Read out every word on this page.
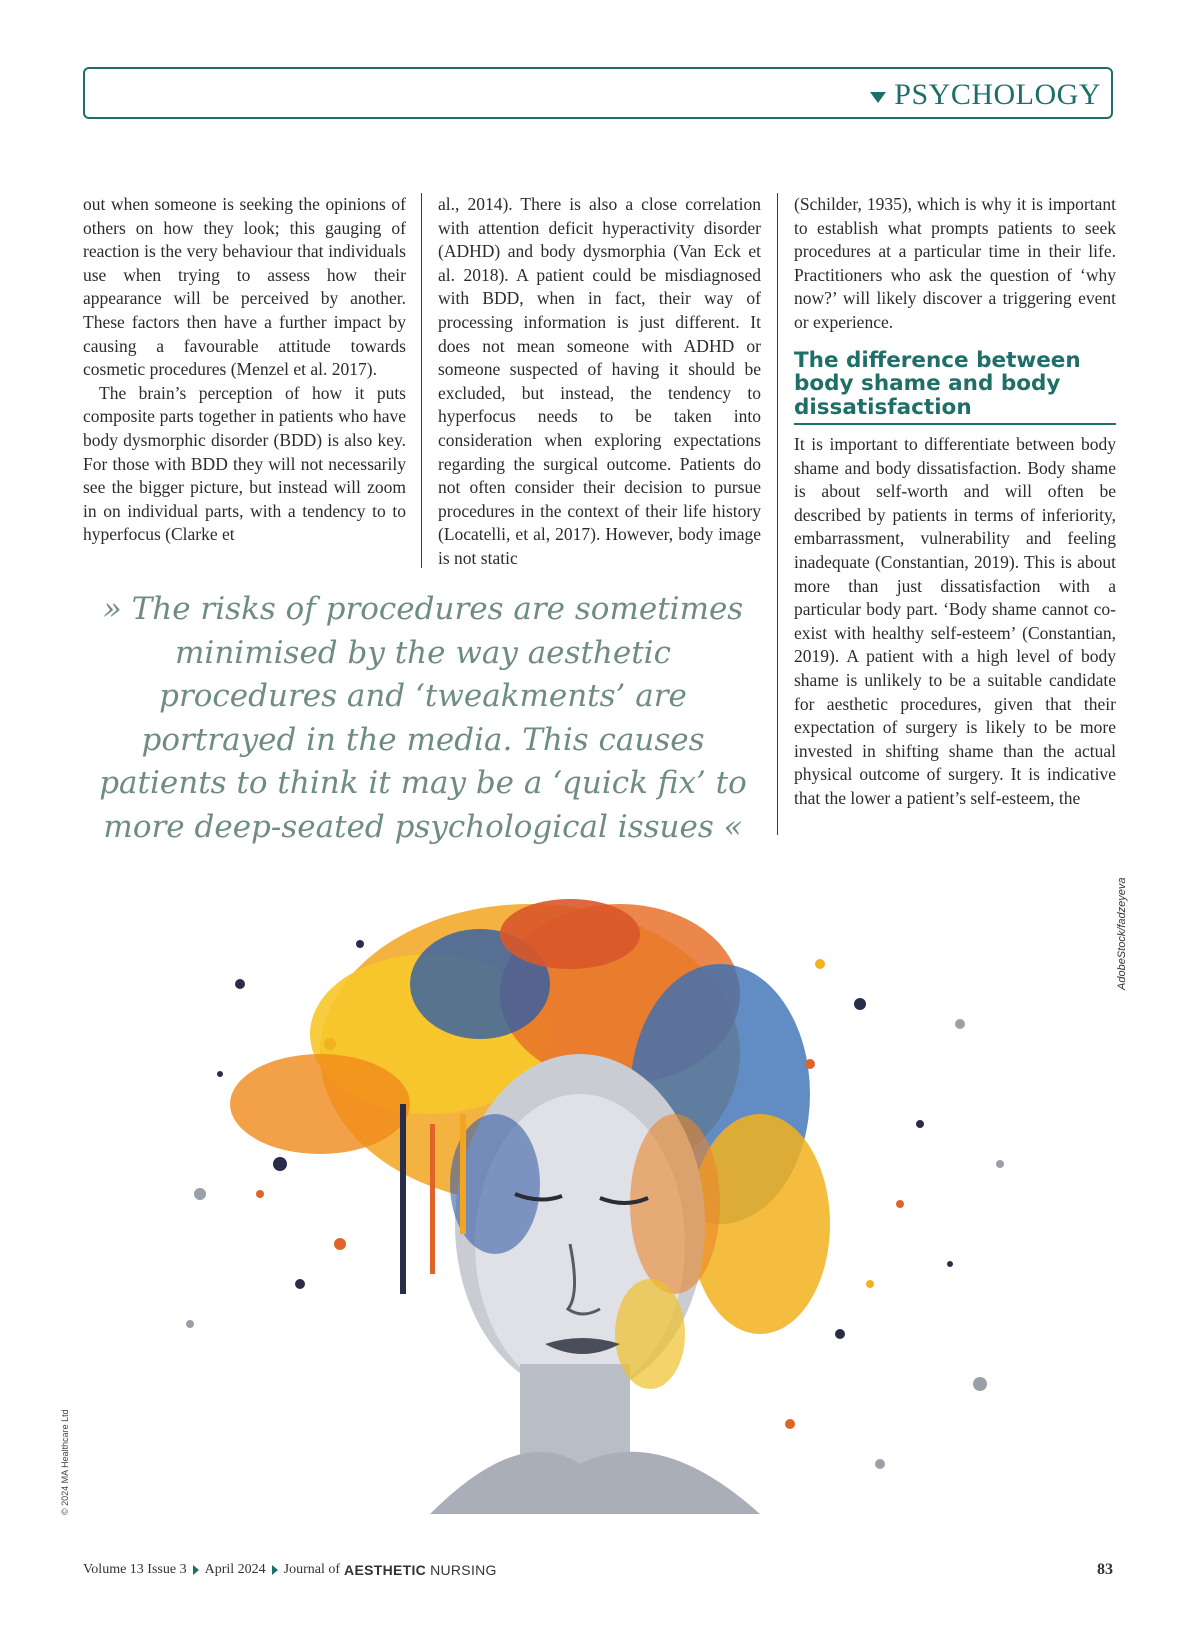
PSYCHOLOGY

out when someone is seeking the opinions of others on how they look; this gauging of reaction is the very behaviour that individuals use when trying to assess how their appearance will be perceived by another. These factors then have a further impact by causing a favourable attitude towards cosmetic procedures (Menzel et al. 2017).

The brain’s perception of how it puts composite parts together in patients who have body dysmorphic disorder (BDD) is also key. For those with BDD they will not necessarily see the bigger picture, but instead will zoom in on individual parts, with a tendency to to hyperfocus (Clarke et

al., 2014). There is also a close correlation with attention deficit hyperactivity disorder (ADHD) and body dysmorphia (Van Eck et al. 2018). A patient could be misdiagnosed with BDD, when in fact, their way of processing information is just different. It does not mean someone with ADHD or someone suspected of having it should be excluded, but instead, the tendency to hyperfocus needs to be taken into consideration when exploring expectations regarding the surgical outcome. Patients do not often consider their decision to pursue procedures in the context of their life history (Locatelli, et al, 2017). However, body image is not static

(Schilder, 1935), which is why it is important to establish what prompts patients to seek procedures at a particular time in their life. Practitioners who ask the question of ‘why now?’ will likely discover a triggering event or experience.

The difference between body shame and body dissatisfaction

It is important to differentiate between body shame and body dissatisfaction. Body shame is about self-worth and will often be described by patients in terms of inferiority, embarrassment, vulnerability and feeling inadequate (Constantian, 2019). This is about more than just dissatisfaction with a particular body part. ‘Body shame cannot co-exist with healthy self-esteem’ (Constantian, 2019). A patient with a high level of body shame is unlikely to be a suitable candidate for aesthetic procedures, given that their expectation of surgery is likely to be more invested in shifting shame than the actual physical outcome of surgery. It is indicative that the lower a patient’s self-esteem, the

» The risks of procedures are sometimes minimised by the way aesthetic procedures and ‘tweakments’ are portrayed in the media. This causes patients to think it may be a ‘quick fix’ to more deep-seated psychological issues «
AdobeStock/fadzeyeva
© 2024 MA Healthcare Ltd
Volume 13 Issue 3 April 2024 Journal of AESTHETIC NURSING	83
